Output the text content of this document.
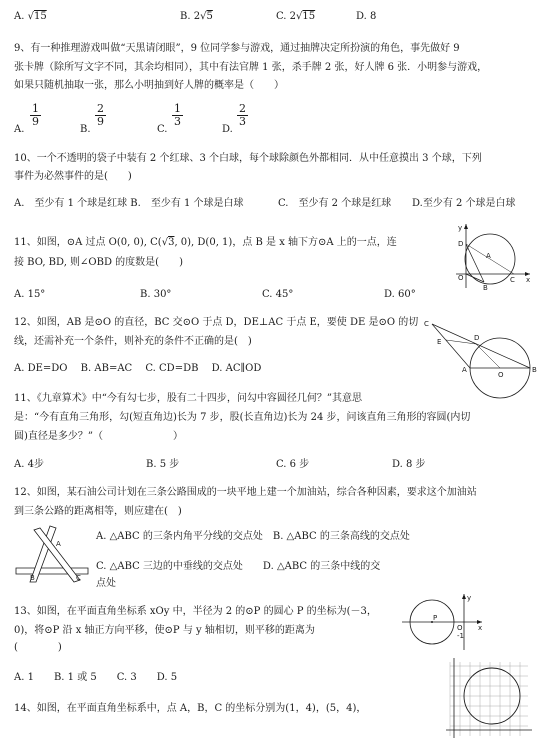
A. √15	B. 2√5	C. 2√15	D. 8
9、有一种推理游戏叫做“天黑请闭眼”，9 位同学参与游戏，通过抽牌决定所扮演的角色，事先做好 9
张卡牌（除所写文字不同，其余均相同），其中有法官牌 1 张，杀手牌 2 张，好人牌 6 张．小明参与游戏，
如果只随机抽取一张，那么小明抽到好人牌的概率是（　　）
A.
$\frac{1}{9}$
B.
$\frac{2}{9}$
C.
$\frac{1}{3}$
D.
$\frac{2}{3}$
10、一个不透明的袋子中装有 2 个红球、3 个白球，每个球除颜色外都相同．从中任意摸出 3 个球，下列
事件为必然事件的是(　　)
A.　至少有 1 个球是红球 B.　至少有 1 个球是白球	C.　至少有 2 个球是红球 D.至少有 2 个球是白球
11、如图，⊙A 过点 O(0, 0), C(√3, 0), D(0, 1)，点 B 是 x 轴下方⊙A 上的一点，连
接 BO, BD, 则∠OBD 的度数是(　　)
A. 15°	B. 30°	C. 45°	D. 60°
y
D
A
O	C
B
x
12、如图，AB 是⊙O 的直径，BC 交⊙O 于点 D，DE⊥AC 于点 E，要使 DE 是⊙O 的切
线，还需补充一个条件，则补充的条件不正确的是(　)
A. DE=DO　 B. AB=AC　 C. CD=DB　 D. AC∥OD
C
E	D
A
O
B
11、《九章算术》中“今有勾七步，股有二十四步，问勾中容圆径几何？”其意思
是：“今有直角三角形，勾(短直角边)长为 7 步，股(长直角边)长为 24 步，问该直角三角形的容圆(内切
圆)直径是多少？”（　　　　　　　）
A. 4步	B. 5 步	C. 6 步	D. 8 步
12、如图，某石油公司计划在三条公路围成的一块平地上建一个加油站，综合各种因素，要求这个加油站
到三条公路的距离相等，则应建在(　)
A. △ABC 的三条内角平分线的交点处　B. △ABC 的三条高线的交点处
C. △ABC 三边的中垂线的交点处　　D. △ABC 的三条中线的交
点处
A
B	C
13、如图，在平面直角坐标系 xOy 中，半径为 2 的⊙P 的圆心 P 的坐标为(－3，
0)，将⊙P 沿 x 轴正方向平移，使⊙P 与 y 轴相切，则平移的距离为
(　　　　)
A. 1　　B. 1 或 5　　C. 3　　D. 5
P
O
y
x
-1
14、如图，在平面直角坐标系中，点 A，B，C 的坐标分别为(1，4)，(5，4)，
